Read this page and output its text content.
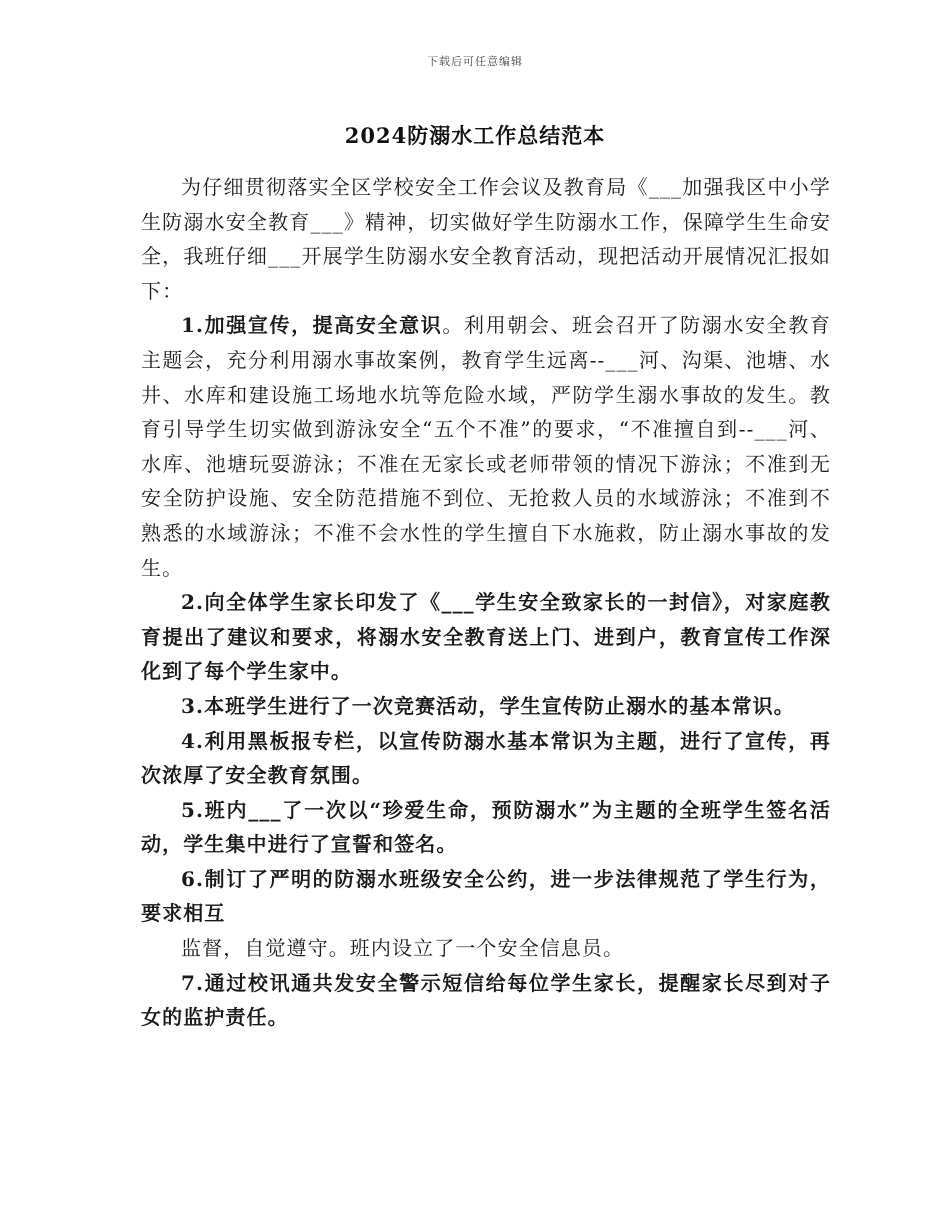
下载后可任意编辑
2024防溺水工作总结范本

为仔细贯彻落实全区学校安全工作会议及教育局《___加强我区中小学生防溺水安全教育___》精神，切实做好学生防溺水工作，保障学生生命安全，我班仔细___开展学生防溺水安全教育活动，现把活动开展情况汇报如下：

1.加强宣传，提高安全意识。利用朝会、班会召开了防溺水安全教育主题会，充分利用溺水事故案例，教育学生远离--___河、沟渠、池塘、水井、水库和建设施工场地水坑等危险水域，严防学生溺水事故的发生。教育引导学生切实做到游泳安全“五个不准”的要求，“不准擅自到--___河、水库、池塘玩耍游泳；不准在无家长或老师带领的情况下游泳；不准到无安全防护设施、安全防范措施不到位、无抢救人员的水域游泳；不准到不熟悉的水域游泳；不准不会水性的学生擅自下水施救，防止溺水事故的发生。

2.向全体学生家长印发了《___学生安全致家长的一封信》，对家庭教育提出了建议和要求，将溺水安全教育送上门、进到户，教育宣传工作深化到了每个学生家中。

3.本班学生进行了一次竞赛活动，学生宣传防止溺水的基本常识。

4.利用黑板报专栏，以宣传防溺水基本常识为主题，进行了宣传，再次浓厚了安全教育氛围。

5.班内___了一次以“珍爱生命，预防溺水”为主题的全班学生签名活动，学生集中进行了宣誓和签名。

6.制订了严明的防溺水班级安全公约，进一步法律规范了学生行为，要求相互

监督，自觉遵守。班内设立了一个安全信息员。

7.通过校讯通共发安全警示短信给每位学生家长，提醒家长尽到对子女的监护责任。
